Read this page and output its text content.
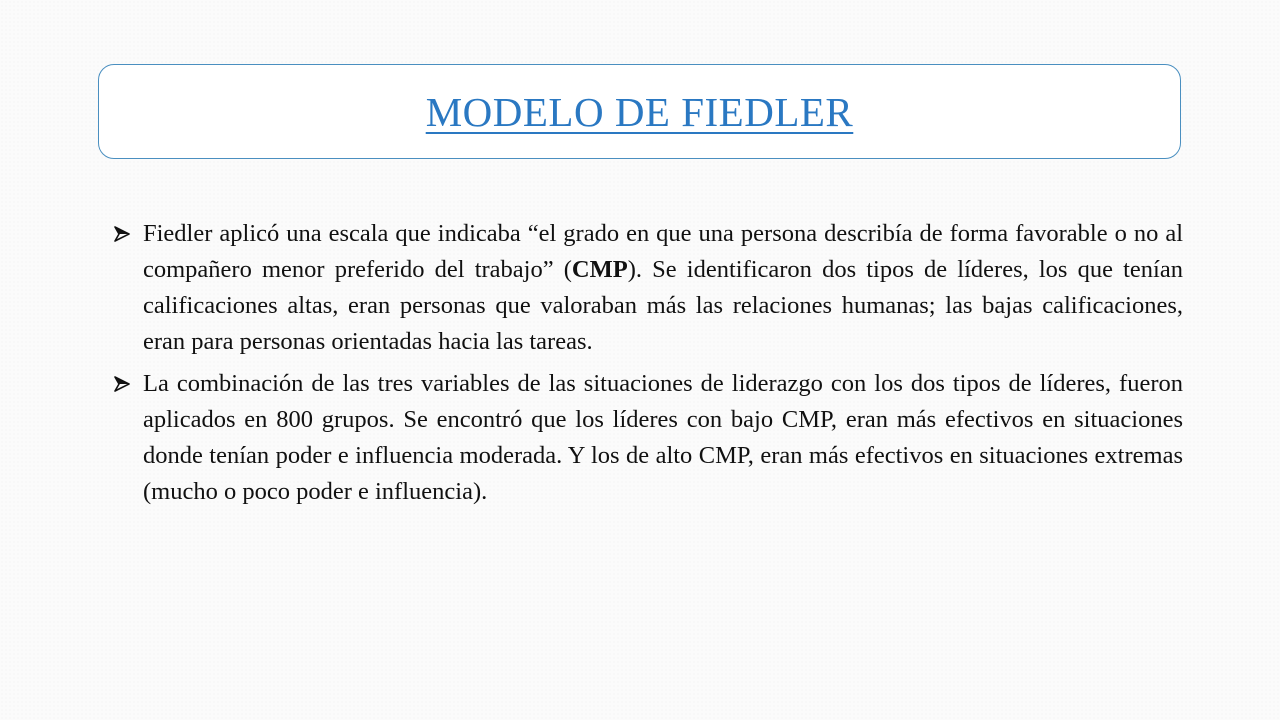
MODELO DE FIEDLER

Fiedler aplicó una escala que indicaba “el grado en que una persona describía de forma favorable o no al compañero menor preferido del trabajo” (CMP). Se identificaron dos tipos de líderes, los que tenían calificaciones altas, eran personas que valoraban más las relaciones humanas; las bajas calificaciones, eran para personas orientadas hacia las tareas.

La combinación de las tres variables de las situaciones de liderazgo con los dos tipos de líderes, fueron aplicados en 800 grupos. Se encontró que los líderes con bajo CMP, eran más efectivos en situaciones donde tenían poder e influencia moderada. Y los de alto CMP, eran más efectivos en situaciones extremas (mucho o poco poder e influencia).
